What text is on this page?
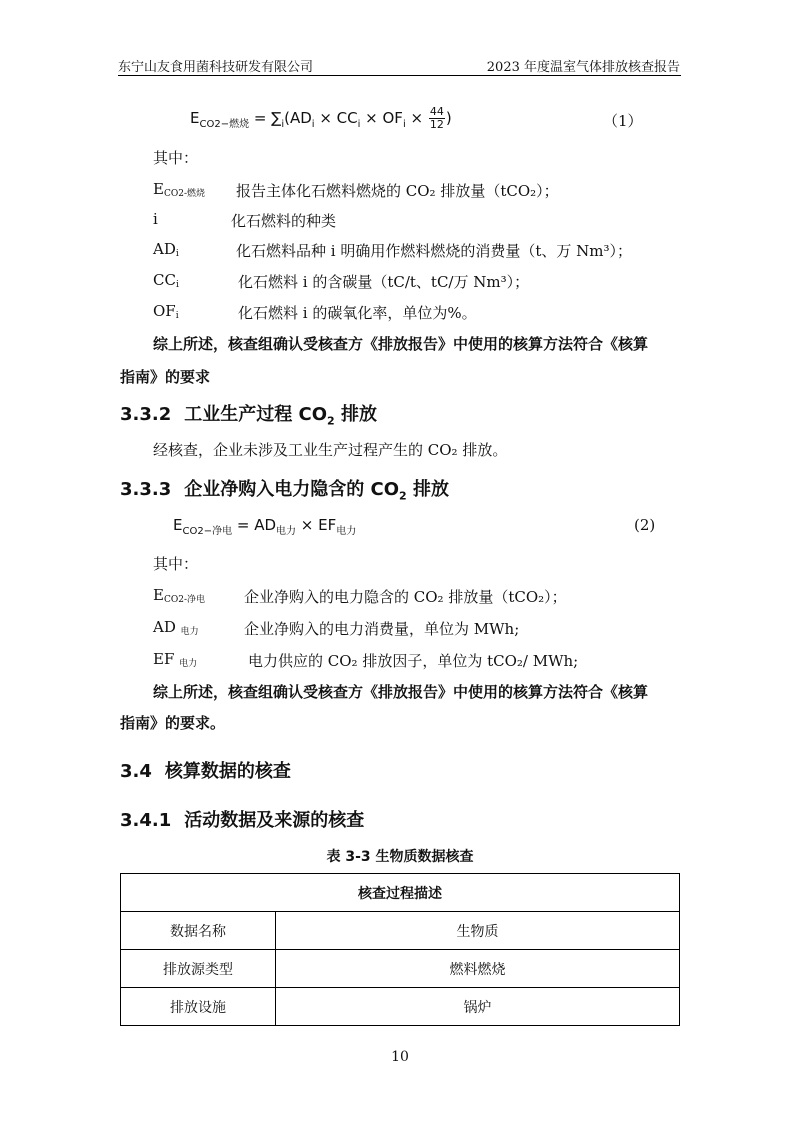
东宁山友食用菌科技研发有限公司	2023 年度温室气体排放核查报告
$E_{CO2-燃烧} = \sum_i(AD_i \times CC_i \times OF_i \times \frac{44}{12}$ )	（1）
其中：
$E_{CO2-燃烧}$ 报告主体化石燃料燃烧的 CO₂ 排放量（tCO₂）；
i	化石燃料的种类
$AD_i$	化石燃料品种 i 明确用作燃料燃烧的消费量（t、万 Nm³）；
$CC_i$	化石燃料 i 的含碳量（tC/t、tC/万 Nm³）；
$OF_i$	化石燃料 i 的碳氧化率，单位为%。
综上所述，核查组确认受核查方《排放报告》中使用的核算方法符合《核算
指南》的要求
3.3.2 工业生产过程 $CO_2$ 排放
经核查，企业未涉及工业生产过程产生的 CO₂ 排放。
3.3.3 企业净购入电力隐含的 $CO_2$ 排放
$E_{CO2-净电} = AD_{电力} \times EF_{电力}$	(2)
其中：
$E_{CO2-净电}$	企业净购入的电力隐含的 CO₂ 排放量（tCO₂）；
AD $_{电力}$	企业净购入的电力消费量，单位为 MWh;
EF $_{电力}$	电力供应的 CO₂ 排放因子，单位为 tCO₂/ MWh;
综上所述，核查组确认受核查方《排放报告》中使用的核算方法符合《核算
指南》的要求。
3.4 核算数据的核查
3.4.1 活动数据及来源的核查
表 3-3 生物质数据核查
核查过程描述	
数据名称	生物质
排放源类型	燃料燃烧
排放设施	锅炉
10
